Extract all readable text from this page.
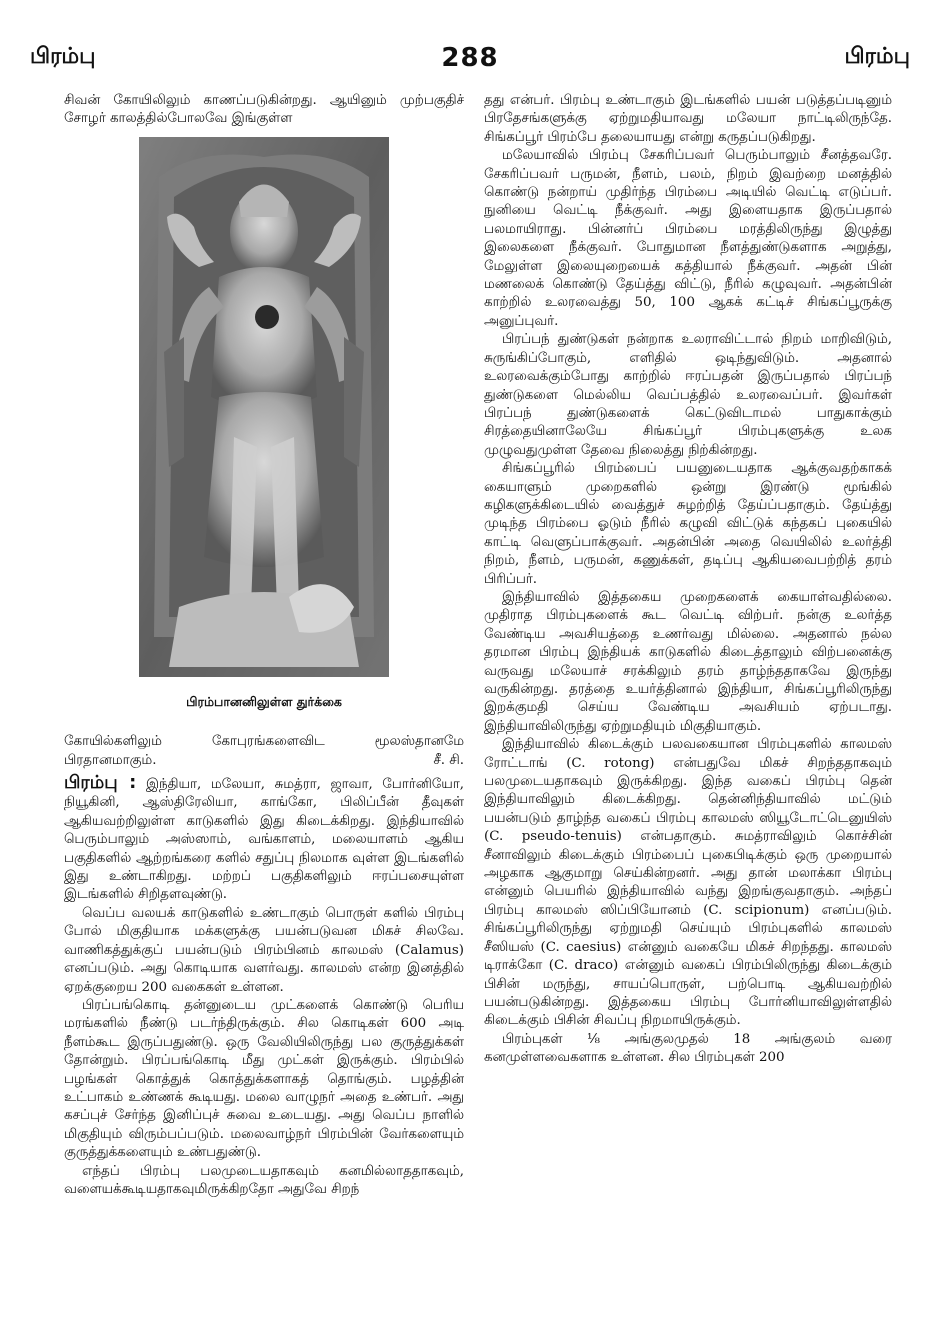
பிரம்பு	288	பிரம்பு

சிவன் கோயிலிலும் காணப்படுகின்றது. ஆயினும் முற்பகுதிச் சோழர் காலத்தில்போலவே இங்குள்ள

பிரம்பானனிலுள்ள துர்க்கை

கோயில்களிலும் கோபுரங்களைவிட மூலஸ்தானமே பிரதானமாகும்.	சீ. சி.

பிரம்பு : இந்தியா, மலேயா, சுமத்ரா, ஜாவா, போர்னியோ, நியூகினி, ஆஸ்திரேலியா, காங்கோ, பிலிப்பீன் தீவுகள் ஆகியவற்றிலுள்ள காடுகளில் இது கிடைக்கிறது. இந்தியாவில் பெரும்பாலும் அஸ்ஸாம், வங்காளம், மலையாளம் ஆகிய பகுதிகளில் ஆற்றங்கரை களில் சதுப்பு நிலமாக வுள்ள இடங்களில் இது உண்டாகிறது. மற்றப் பகுதிகளிலும் ஈரப்பசையுள்ள இடங்களில் சிறிதளவுண்டு.

வெப்ப வலயக் காடுகளில் உண்டாகும் பொருள் களில் பிரம்பு போல் மிகுதியாக மக்களுக்கு பயன்படுவன மிகச் சிலவே. வாணிகத்துக்குப் பயன்படும் பிரம்பினம் காலமஸ் (Calamus) எனப்படும். அது கொடியாக வளர்வது. காலமஸ் என்ற இனத்தில் ஏறக்குறைய 200 வகைகள் உள்ளன.

பிரப்பங்கொடி தன்னுடைய முட்களைக் கொண்டு பெரிய மரங்களில் நீண்டு படர்ந்திருக்கும். சில கொடிகள் 600 அடி நீளம்கூட இருப்பதுண்டு. ஒரு வேலியிலிருந்து பல குருத்துக்கள் தோன்றும். பிரப்பங்கொடி மீது முட்கள் இருக்கும். பிரம்பில் பழங்கள் கொத்துக் கொத்துக்களாகத் தொங்கும். பழத்தின் உட்பாகம் உண்ணக் கூடியது. மலை வாழுநர் அதை உண்பர். அது கசப்புச் சேர்ந்த இனிப்புச் சுவை உடையது. அது வெப்ப நாளில் மிகுதியும் விரும்பப்படும். மலைவாழ்நர் பிரம்பின் வேர்களையும் குருத்துக்களையும் உண்பதுண்டு.

எந்தப் பிரம்பு பலமுடையதாகவும் கனமில்லாததாகவும், வளையக்கூடியதாகவுமிருக்கிறதோ அதுவே சிறந்

தது என்பர். பிரம்பு உண்டாகும் இடங்களில் பயன் படுத்தப்படினும் பிரதேசங்களுக்கு ஏற்றுமதியாவது மலேயா நாட்டிலிருந்தே. சிங்கப்பூர் பிரம்பே தலையாயது என்று கருதப்படுகிறது.

மலேயாவில் பிரம்பு சேகரிப்பவர் பெரும்பாலும் சீனத்தவரே. சேகரிப்பவர் பருமன், நீளம், பலம், நிறம் இவற்றை மனத்தில் கொண்டு நன்றாய் முதிர்ந்த பிரம்பை அடியில் வெட்டி எடுப்பர். நுனியை வெட்டி நீக்குவர். அது இளையதாக இருப்பதால் பலமாயிராது. பின்னர்ப் பிரம்பை மரத்திலிருந்து இழுத்து இலைகளை நீக்குவர். போதுமான நீளத்துண்டுகளாக அறுத்து, மேலுள்ள இலையுறையைக் கத்தியால் நீக்குவர். அதன் பின் மணலைக் கொண்டு தேய்த்து விட்டு, நீரில் கழுவுவர். அதன்பின் காற்றில் உலரவைத்து 50, 100 ஆகக் கட்டிச் சிங்கப்பூருக்கு அனுப்புவர்.

பிரப்பந் துண்டுகள் நன்றாக உலராவிட்டால் நிறம் மாறிவிடும், சுருங்கிப்போகும், எளிதில் ஒடிந்துவிடும். அதனால் உலரவைக்கும்போது காற்றில் ஈரப்பதன் இருப்பதால் பிரப்பந் துண்டுகளை மெல்லிய வெப்பத்தில் உலரவைப்பர். இவர்கள் பிரப்பந் துண்டுகளைக் கெட்டுவிடாமல் பாதுகாக்கும் சிரத்தையினாலேயே சிங்கப்பூர் பிரம்புகளுக்கு உலக முழுவதுமுள்ள தேவை நிலைத்து நிற்கின்றது.

சிங்கப்பூரில் பிரம்பைப் பயனுடையதாக ஆக்குவதற்காகக் கையாளும் முறைகளில் ஒன்று இரண்டு மூங்கில் கழிகளுக்கிடையில் வைத்துச் சுழற்றித் தேய்ப்பதாகும். தேய்த்து முடிந்த பிரம்பை ஓடும் நீரில் கழுவி விட்டுக் கந்தகப் புகையில் காட்டி வெளுப்பாக்குவர். அதன்பின் அதை வெயிலில் உலர்த்தி நிறம், நீளம், பருமன், கணுக்கள், தடிப்பு ஆகியவைபற்றித் தரம் பிரிப்பர்.

இந்தியாவில் இத்தகைய முறைகளைக் கையாள்வதில்லை. முதிராத பிரம்புகளைக் கூட வெட்டி விற்பர். நன்கு உலர்த்த வேண்டிய அவசியத்தை உணர்வது மில்லை. அதனால் நல்ல தரமான பிரம்பு இந்தியக் காடுகளில் கிடைத்தாலும் விற்பனைக்கு வருவது மலேயாச் சரக்கிலும் தரம் தாழ்ந்ததாகவே இருந்து வருகின்றது. தரத்தை உயர்த்தினால் இந்தியா, சிங்கப்பூரிலிருந்து இறக்குமதி செய்ய வேண்டிய அவசியம் ஏற்படாது. இந்தியாவிலிருந்து ஏற்றுமதியும் மிகுதியாகும்.

இந்தியாவில் கிடைக்கும் பலவகையான பிரம்புகளில் காலமஸ் ரோட்டாங் (C. rotong) என்பதுவே மிகச் சிறந்ததாகவும் பலமுடையதாகவும் இருக்கிறது. இந்த வகைப் பிரம்பு தென் இந்தியாவிலும் கிடைக்கிறது. தென்னிந்தியாவில் மட்டும் பயன்படும் தாழ்ந்த வகைப் பிரம்பு காலமஸ் ஸியூடோட்டெனுயிஸ் (C. pseudo-tenuis) என்பதாகும். சுமத்ராவிலும் கொச்சின் சீனாவிலும் கிடைக்கும் பிரம்பைப் புகைபிடிக்கும் ஒரு முறையால் அழகாக ஆகுமாறு செய்கின்றனர். அது தான் மலாக்கா பிரம்பு என்னும் பெயரில் இந்தியாவில் வந்து இறங்குவதாகும். அந்தப் பிரம்பு காலமஸ் ஸிப்பியோனம் (C. scipionum) எனப்படும். சிங்கப்பூரிலிருந்து ஏற்றுமதி செய்யும் பிரம்புகளில் காலமஸ் சீஸியஸ் (C. caesius) என்னும் வகையே மிகச் சிறந்தது. காலமஸ் டிராக்கோ (C. draco) என்னும் வகைப் பிரம்பிலிருந்து கிடைக்கும் பிசின் மருந்து, சாயப்பொருள், பற்பொடி ஆகியவற்றில் பயன்படுகின்றது. இத்தகைய பிரம்பு போர்னியாவிலுள்ளதில் கிடைக்கும் பிசின் சிவப்பு நிறமாயிருக்கும்.

பிரம்புகள் ⅛ அங்குலமுதல் 18 அங்குலம் வரை கனமுள்ளவைகளாக உள்ளன. சில பிரம்புகள் 200
